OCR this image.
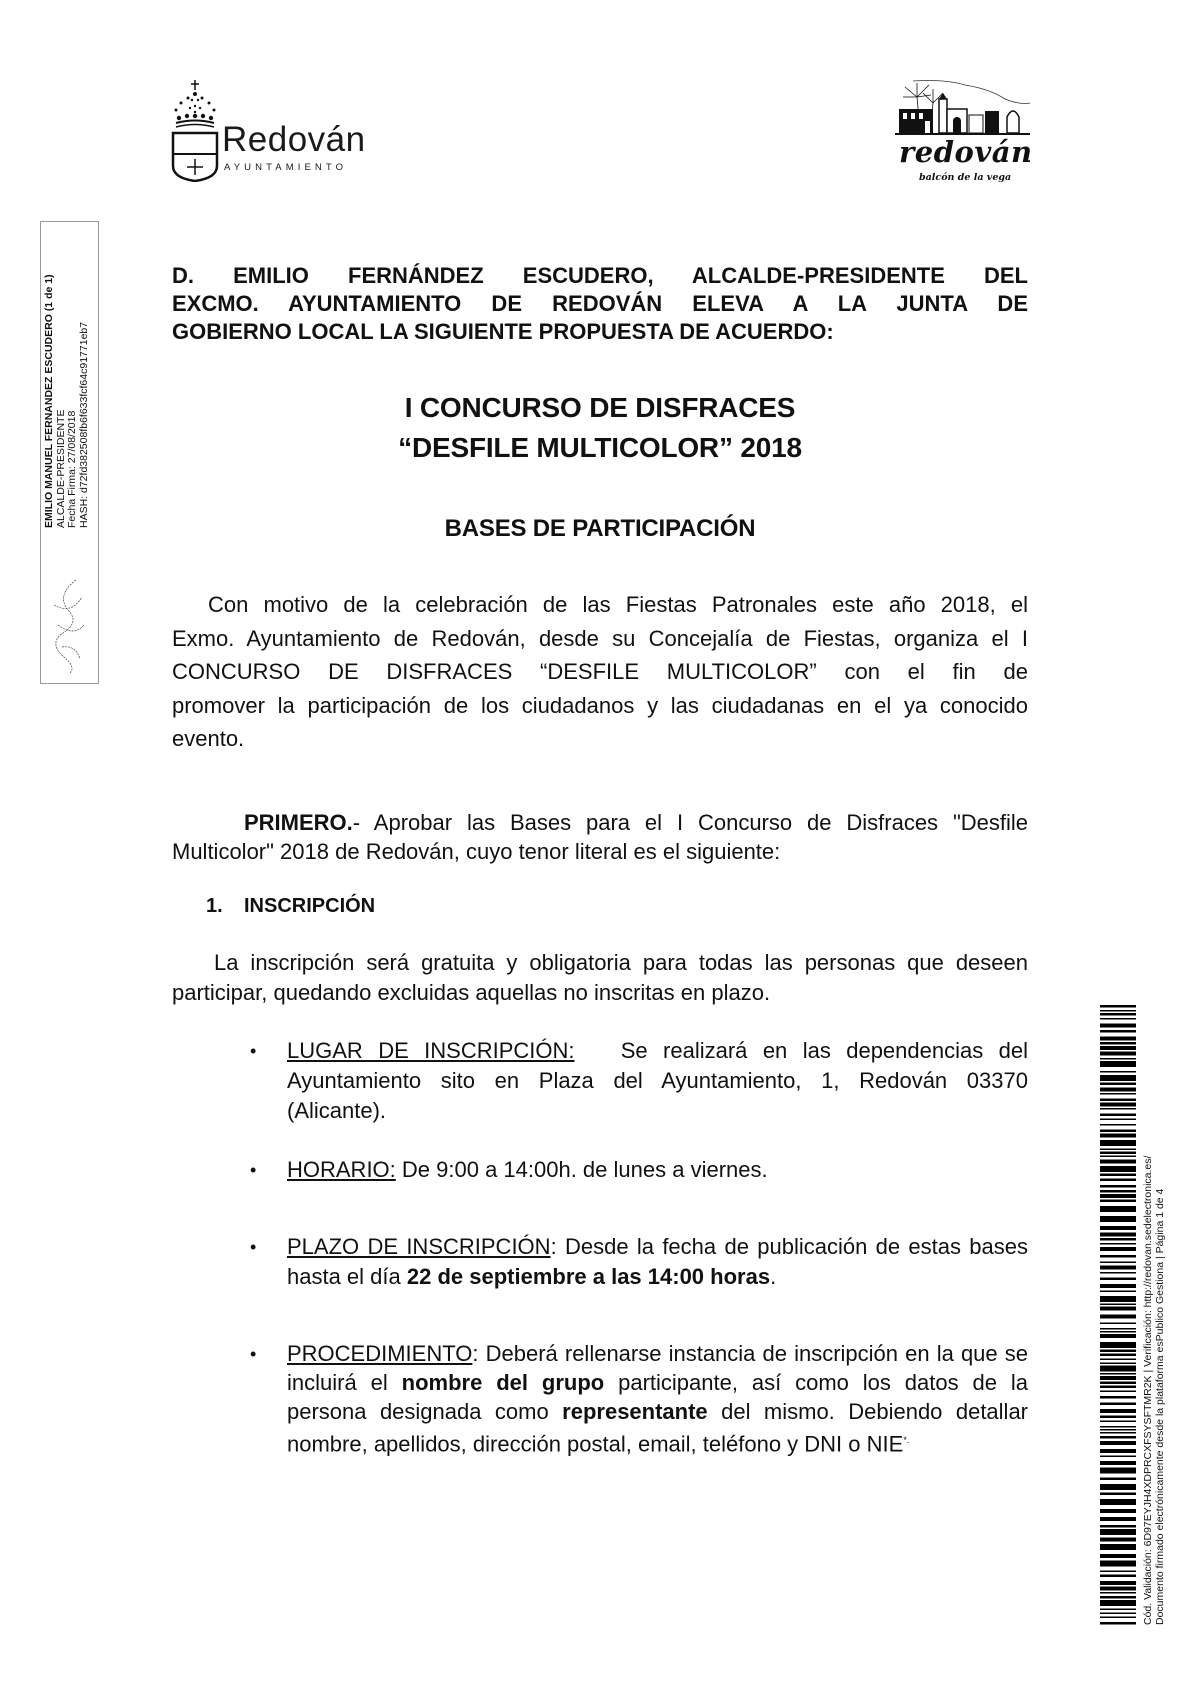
Redován
AYUNTAMIENTO	redován
balcón de la vega
EMILIO MANUEL FERNANDEZ ESCUDERO (1 de 1) ALCALDE-PRESIDENTE Fecha Firma: 27/08/2018 HASH: d72fd382508fb6f633fcf64c91771eb7
D. EMILIO FERNÁNDEZ ESCUDERO, ALCALDE-PRESIDENTE DEL
EXCMO. AYUNTAMIENTO DE REDOVÁN ELEVA A LA JUNTA DE
GOBIERNO LOCAL LA SIGUIENTE PROPUESTA DE ACUERDO:
I CONCURSO DE DISFRACES
“DESFILE MULTICOLOR” 2018
BASES DE PARTICIPACIÓN
Con motivo de la celebración de las Fiestas Patronales este año 2018, el
Exmo. Ayuntamiento de Redován, desde su Concejalía de Fiestas, organiza el I
CONCURSO DE DISFRACES “DESFILE MULTICOLOR” con el fin de
promover la participación de los ciudadanos y las ciudadanas en el ya conocido
evento.
PRIMERO.- Aprobar las Bases para el I Concurso de Disfraces "Desfile
Multicolor" 2018 de Redován, cuyo tenor literal es el siguiente:
1. INSCRIPCIÓN
La inscripción será gratuita y obligatoria para todas las personas que deseen
participar, quedando excluidas aquellas no inscritas en plazo.
• LUGAR DE INSCRIPCIÓN: Se realizará en las dependencias del
Ayuntamiento sito en Plaza del Ayuntamiento, 1, Redován 03370
(Alicante).
• HORARIO: De 9:00 a 14:00h. de lunes a viernes.
• PLAZO DE INSCRIPCIÓN: Desde la fecha de publicación de estas bases
hasta el día 22 de septiembre a las 14:00 horas.
• PROCEDIMIENTO: Deberá rellenarse instancia de inscripción en la que se
incluirá el nombre del grupo participante, así como los datos de la
persona designada como representante del mismo. Debiendo detallar
nombre, apellidos, dirección postal, email, teléfono y DNI o NIE*.	Cód. Validación: 6D97EYJH4XDPRCXFSYSFTMR2K | Verificación: http://redovan.sedelectronica.es/ Documento firmado electrónicamente desde la plataforma esPublico Gestiona | Página 1 de 4
